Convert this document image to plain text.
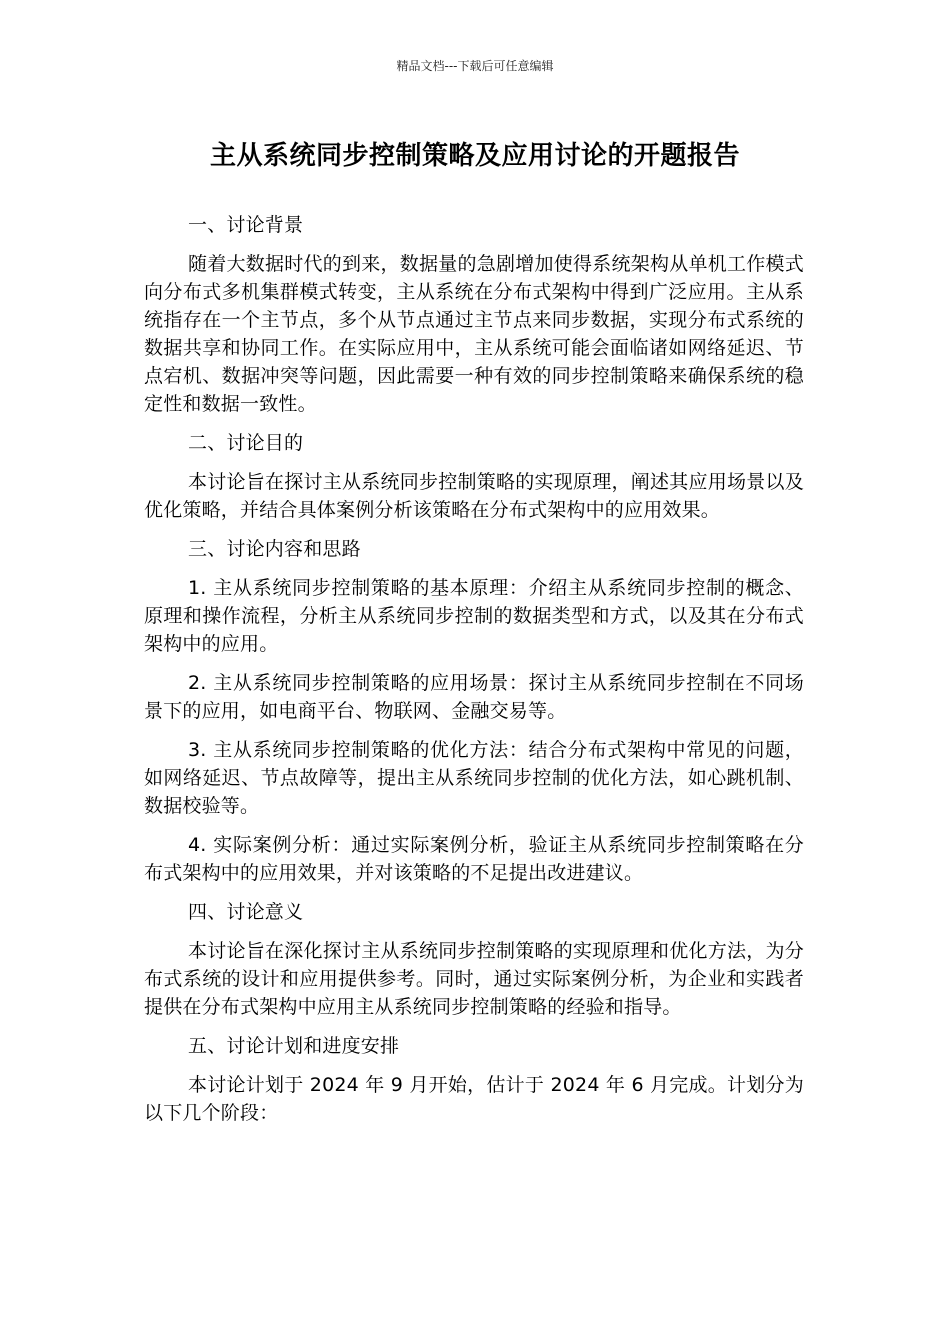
精品文档---下载后可任意编辑
主从系统同步控制策略及应用讨论的开题报告

一、讨论背景

随着大数据时代的到来，数据量的急剧增加使得系统架构从单机工作模式向分布式多机集群模式转变，主从系统在分布式架构中得到广泛应用。主从系统指存在一个主节点，多个从节点通过主节点来同步数据，实现分布式系统的数据共享和协同工作。在实际应用中，主从系统可能会面临诸如网络延迟、节点宕机、数据冲突等问题，因此需要一种有效的同步控制策略来确保系统的稳定性和数据一致性。

二、讨论目的

本讨论旨在探讨主从系统同步控制策略的实现原理，阐述其应用场景以及优化策略，并结合具体案例分析该策略在分布式架构中的应用效果。

三、讨论内容和思路

1. 主从系统同步控制策略的基本原理：介绍主从系统同步控制的概念、原理和操作流程，分析主从系统同步控制的数据类型和方式，以及其在分布式架构中的应用。

2. 主从系统同步控制策略的应用场景：探讨主从系统同步控制在不同场景下的应用，如电商平台、物联网、金融交易等。

3. 主从系统同步控制策略的优化方法：结合分布式架构中常见的问题，如网络延迟、节点故障等，提出主从系统同步控制的优化方法，如心跳机制、数据校验等。

4. 实际案例分析：通过实际案例分析，验证主从系统同步控制策略在分布式架构中的应用效果，并对该策略的不足提出改进建议。

四、讨论意义

本讨论旨在深化探讨主从系统同步控制策略的实现原理和优化方法，为分布式系统的设计和应用提供参考。同时，通过实际案例分析，为企业和实践者提供在分布式架构中应用主从系统同步控制策略的经验和指导。

五、讨论计划和进度安排

本讨论计划于 2024 年 9 月开始，估计于 2024 年 6 月完成。计划分为以下几个阶段：
